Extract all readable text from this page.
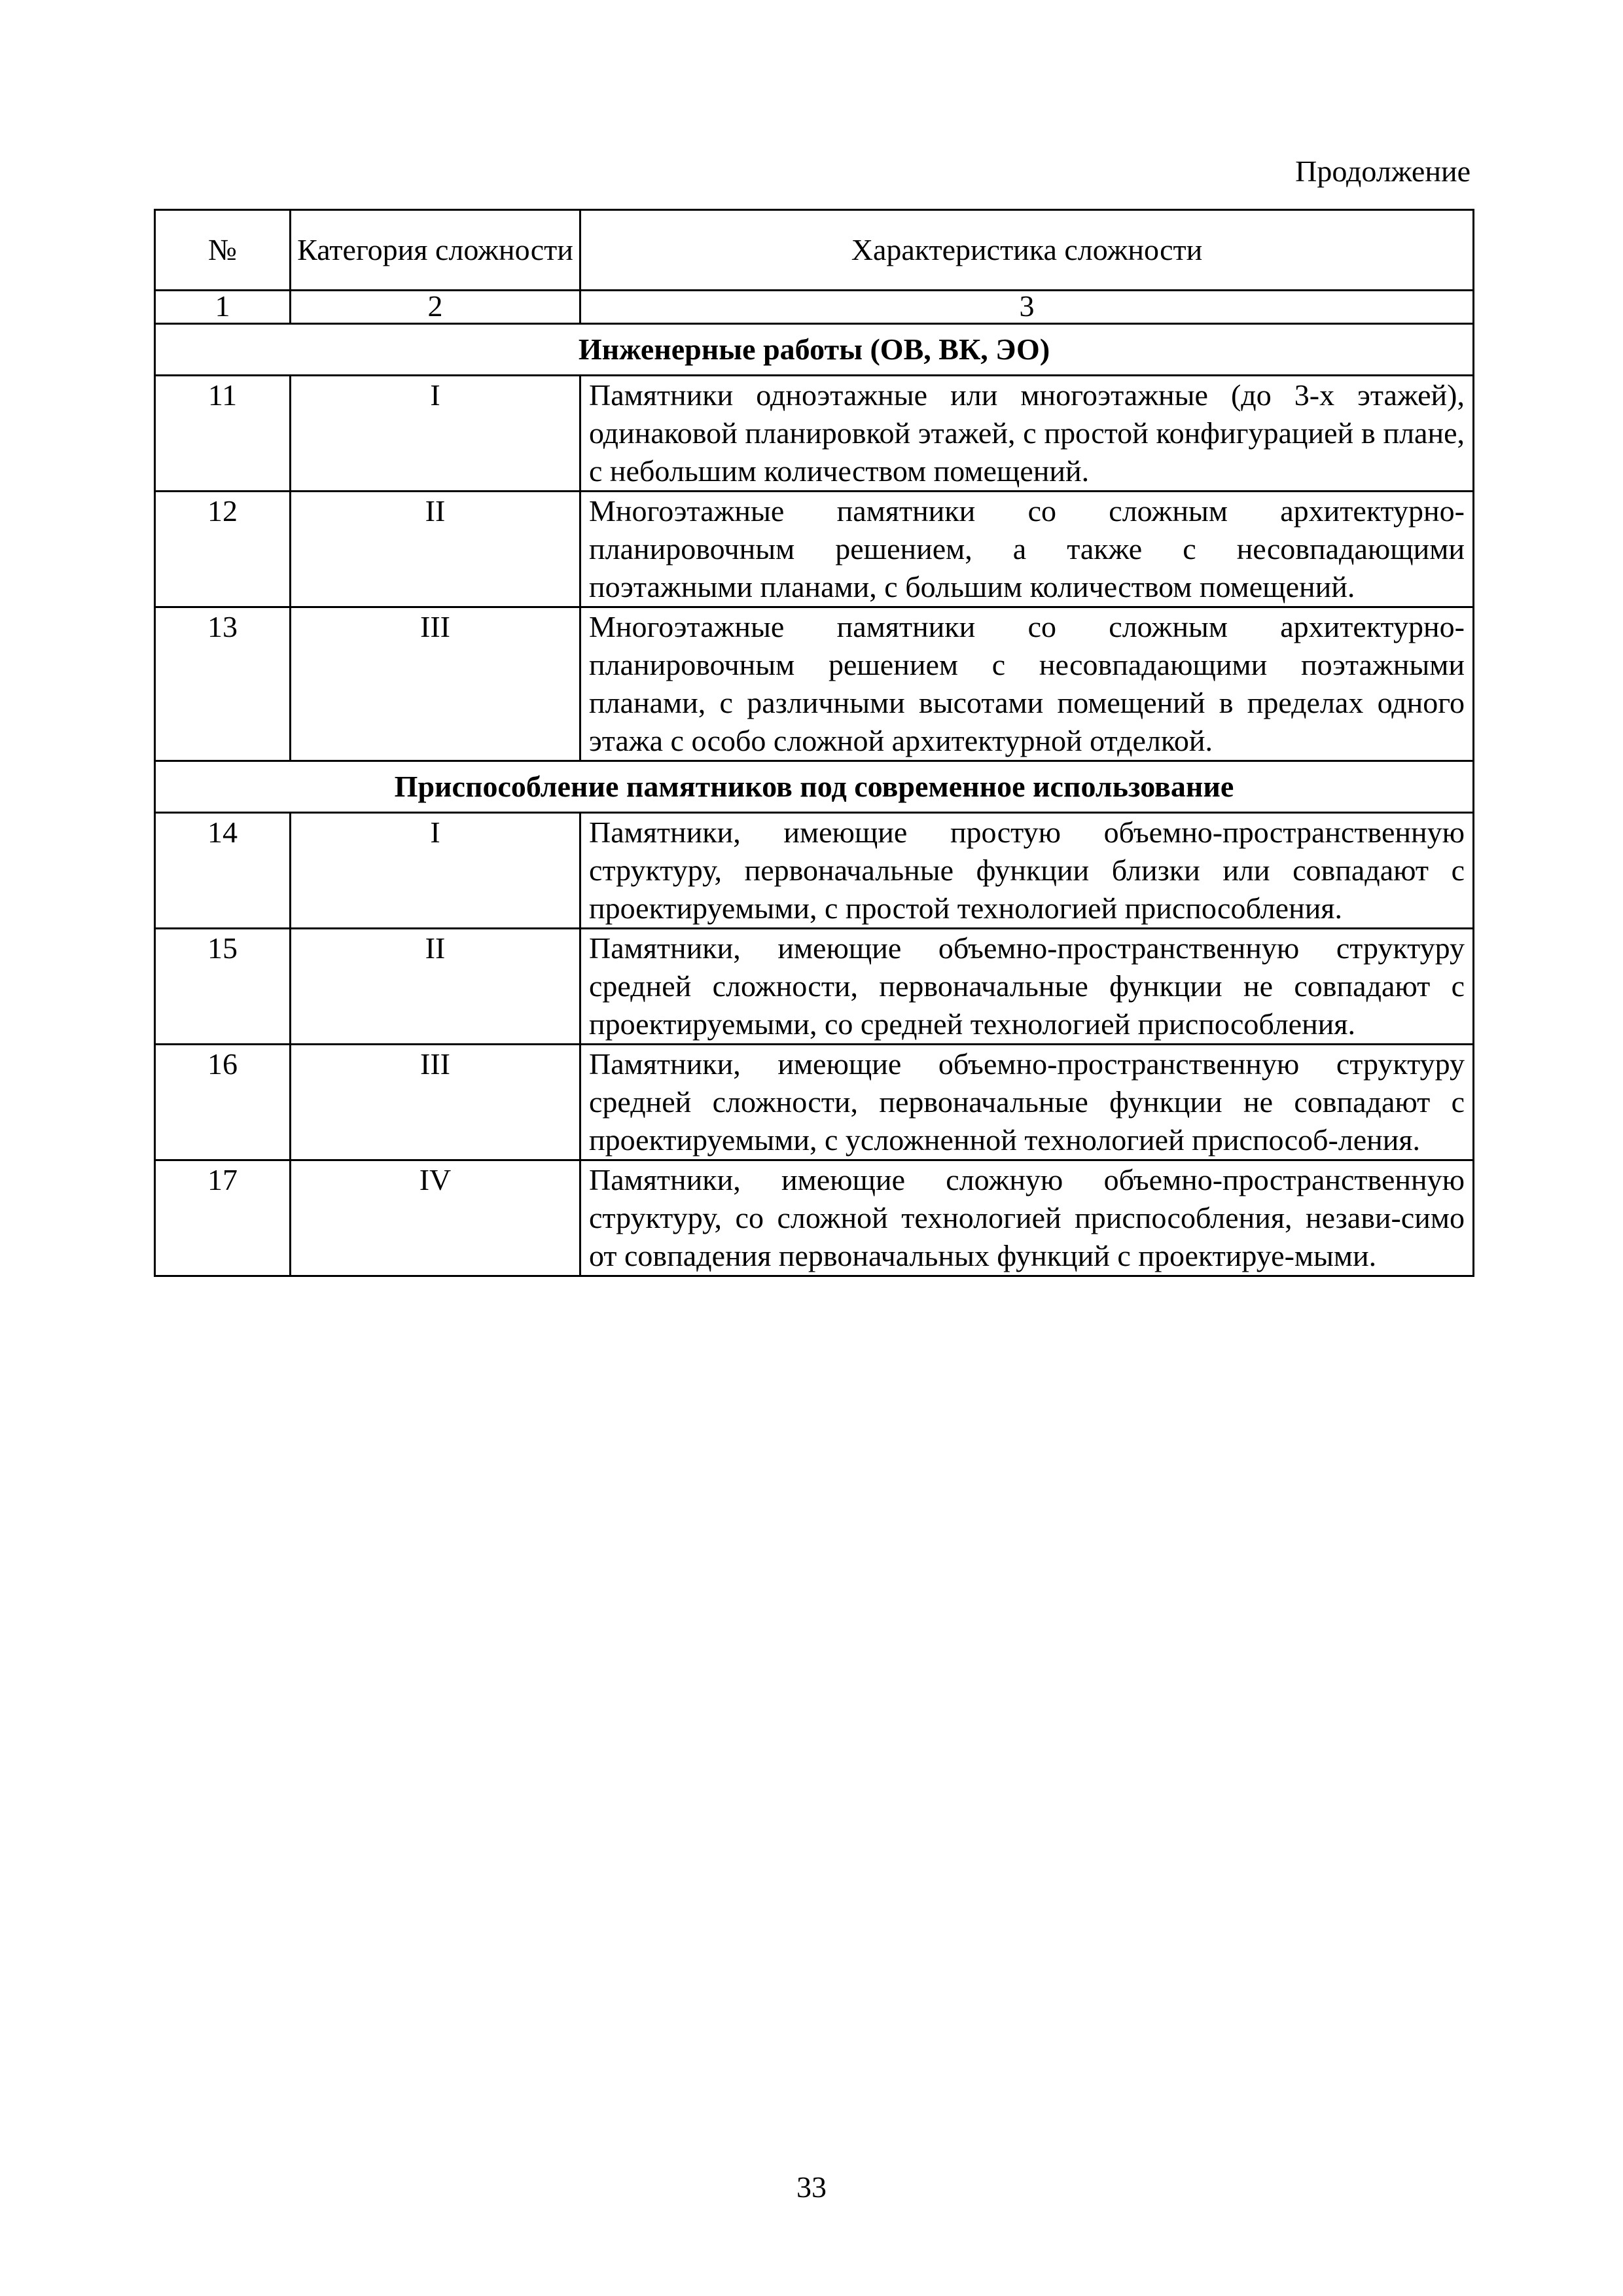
Продолжение
№	Категория сложности	Характеристика сложности
1	2	3
Инженерные работы (ОВ, ВК, ЭО)		
11	I	Памятники одноэтажные или многоэтажные (до 3-х этажей), одинаковой планировкой этажей, с простой конфигурацией в плане, с небольшим количеством помещений.
12	II	Многоэтажные памятники со сложным архитектурно-планировочным решением, а также с несовпадающими поэтажными планами, с большим количеством помещений.
13	III	Многоэтажные памятники со сложным архитектурно-планировочным решением с несовпадающими поэтажными планами, с различными высотами помещений в пределах одного этажа с особо сложной архитектурной отделкой.
Приспособление памятников под современное использование		
14	I	Памятники, имеющие простую объемно-пространственную структуру, первоначальные функции близки или совпадают с проектируемыми, с простой технологией приспособления.
15	II	Памятники, имеющие объемно-пространственную структуру средней сложности, первоначальные функции не совпадают с проектируемыми, со средней технологией приспособления.
16	III	Памятники, имеющие объемно-пространственную структуру средней сложности, первоначальные функции не совпадают с проектируемыми, с усложненной технологией приспособ-ления.
17	IV	Памятники, имеющие сложную объемно-пространственную структуру, со сложной технологией приспособления, незави-симо от совпадения первоначальных функций с проектируе-мыми.
33
